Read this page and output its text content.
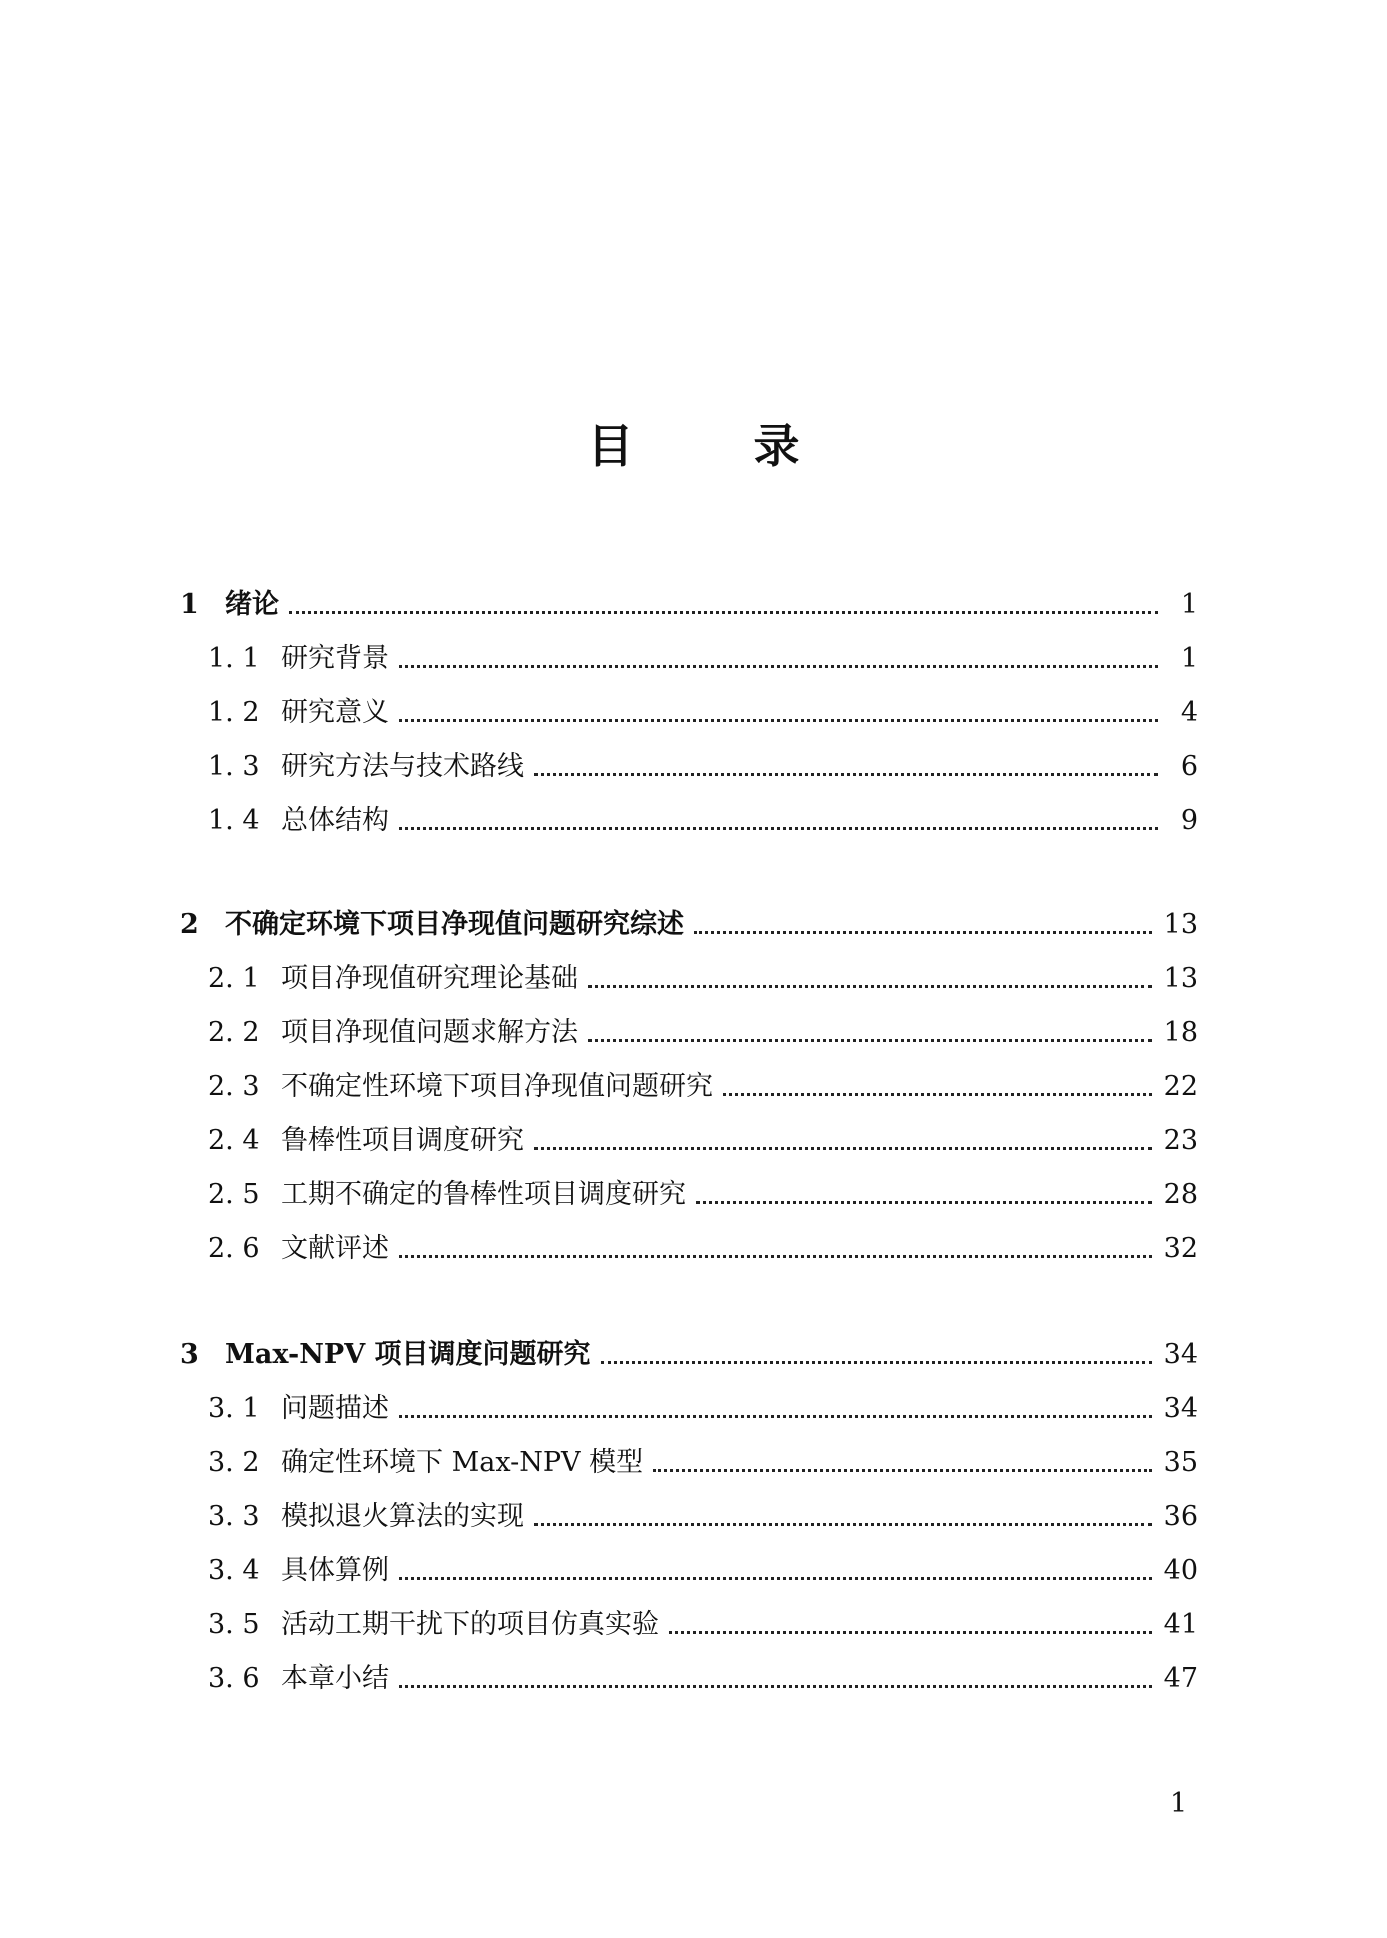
目	录
1 绪论	1
1. 1 研究背景	1
1. 2 研究意义	4
1. 3 研究方法与技术路线	6
1. 4 总体结构	9
2 不确定环境下项目净现值问题研究综述	13
2. 1 项目净现值研究理论基础	13
2. 2 项目净现值问题求解方法	18
2. 3 不确定性环境下项目净现值问题研究	22
2. 4 鲁棒性项目调度研究	23
2. 5 工期不确定的鲁棒性项目调度研究	28
2. 6 文献评述	32
3 Max-NPV 项目调度问题研究	34
3. 1 问题描述	34
3. 2 确定性环境下 Max-NPV 模型	35
3. 3 模拟退火算法的实现	36
3. 4 具体算例	40
3. 5 活动工期干扰下的项目仿真实验	41
3. 6 本章小结	47
1
